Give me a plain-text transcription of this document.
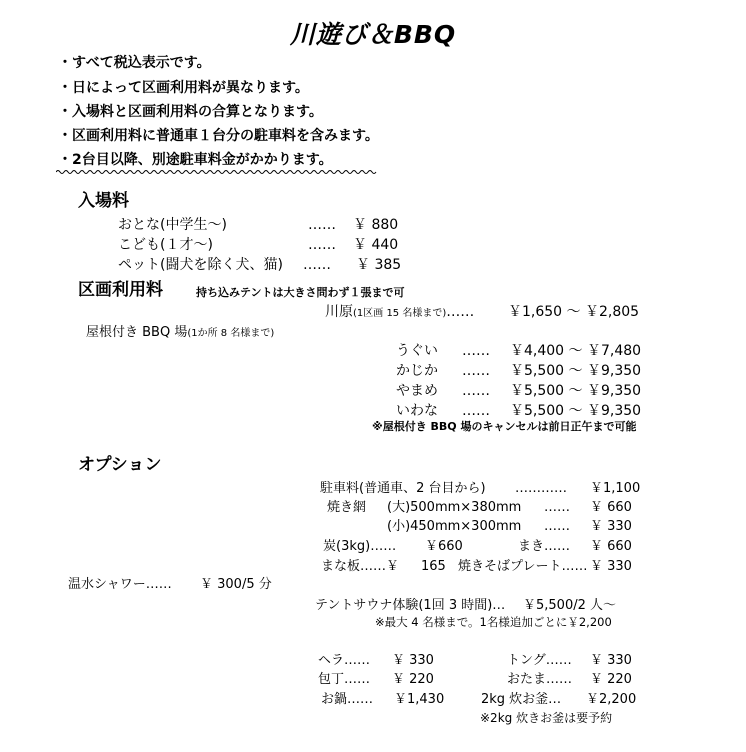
川遊び＆BBQ
・すべて税込表示です。
・日によって区画利用料が異なります。
・入場料と区画利用料の合算となります。
・区画利用料に普通車１台分の駐車料を含みます。
・2台目以降、別途駐車料金がかかります。
入場料
おとな(中学生～)	…… ￥ 880
こども(１才～)	…… ￥ 440
ペット(闘犬を除く犬、猫) …… ￥ 385
区画利用料	持ち込みテントは大きさ問わず１張まで可
川原(1区画 15 名様まで)…… ￥1,650 ～ ￥2,805
屋根付き BBQ 場(1か所 8 名様まで)
うぐい …… ￥4,400 ～ ￥7,480
かじか …… ￥5,500 ～ ￥9,350
やまめ …… ￥5,500 ～ ￥9,350
いわな …… ￥5,500 ～ ￥9,350
※屋根付き BBQ 場のキャンセルは前日正午まで可能
オプション
駐車料(普通車、2 台目から) ………… ￥1,100
焼き網 (大)500mm×380mm …… ￥ 660
(小)450mm×300mm …… ￥ 330
炭(3kg)…… ￥660	まき…… ￥ 660
まな板……￥ 165 焼きそばプレート…… ￥ 330
温水シャワー…… ￥ 300/5 分
テントサウナ体験(1回 3 時間)… ￥5,500/2 人～
※最大 4 名様まで。1名様追加ごとに￥2,200
ヘラ…… ￥ 330	トング…… ￥ 330
包丁…… ￥ 220	おたま…… ￥ 220
お鍋…… ￥1,430	2kg 炊お釜… ￥2,200
※2kg 炊きお釜は要予約
